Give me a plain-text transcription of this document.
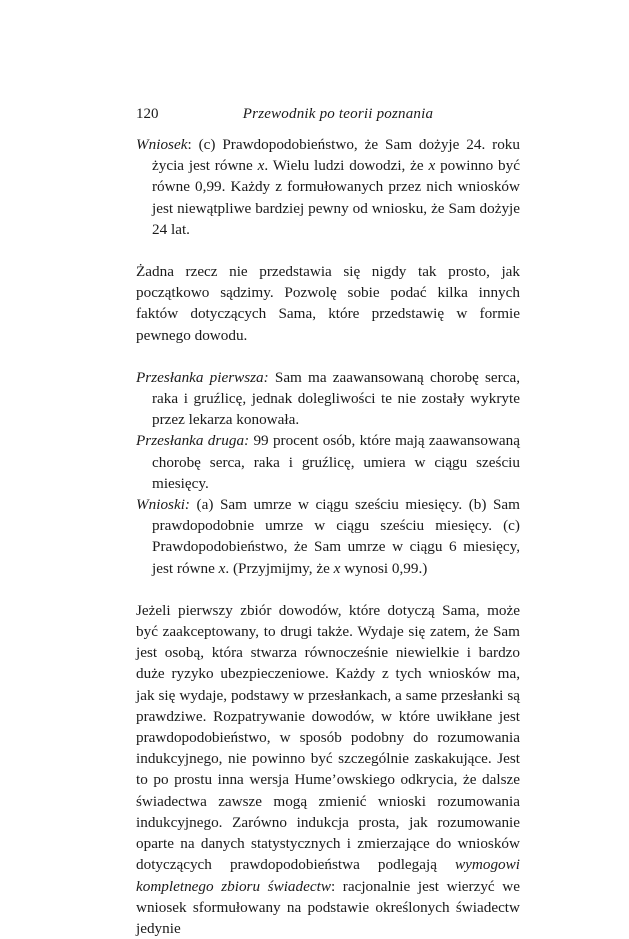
120	Przewodnik po teorii poznania

Wniosek: (c) Prawdopodobieństwo, że Sam dożyje 24. roku życia jest równe x. Wielu ludzi dowodzi, że x powinno być równe 0,99. Każdy z formułowanych przez nich wniosków jest niewątpliwe bardziej pewny od wniosku, że Sam dożyje 24 lat.

Żadna rzecz nie przedstawia się nigdy tak prosto, jak początkowo sądzimy. Pozwolę sobie podać kilka innych faktów dotyczących Sama, które przedstawię w formie pewnego dowodu.

Przesłanka pierwsza: Sam ma zaawansowaną chorobę serca, raka i gruźlicę, jednak dolegliwości te nie zostały wykryte przez lekarza konowała.

Przesłanka druga: 99 procent osób, które mają zaawansowaną chorobę serca, raka i gruźlicę, umiera w ciągu sześciu miesięcy.

Wnioski: (a) Sam umrze w ciągu sześciu miesięcy. (b) Sam prawdopodobnie umrze w ciągu sześciu miesięcy. (c) Prawdopodobieństwo, że Sam umrze w ciągu 6 miesięcy, jest równe x. (Przyjmijmy, że x wynosi 0,99.)

Jeżeli pierwszy zbiór dowodów, które dotyczą Sama, może być zaakceptowany, to drugi także. Wydaje się zatem, że Sam jest osobą, która stwarza równocześnie niewielkie i bardzo duże ryzyko ubezpieczeniowe. Każdy z tych wniosków ma, jak się wydaje, podstawy w przesłankach, a same przesłanki są prawdziwe. Rozpatrywanie dowodów, w które uwikłane jest prawdopodobieństwo, w sposób podobny do rozumowania indukcyjnego, nie powinno być szczególnie zaskakujące. Jest to po prostu inna wersja Hume’owskiego odkrycia, że dalsze świadectwa zawsze mogą zmienić wnioski rozumowania indukcyjnego. Zarówno indukcja prosta, jak rozumowanie oparte na danych statystycznych i zmierzające do wniosków dotyczących prawdopodobieństwa podlegają wymogowi kompletnego zbioru świadectw: racjonalnie jest wierzyć we wniosek sformułowany na podstawie określonych świadectw jedynie
